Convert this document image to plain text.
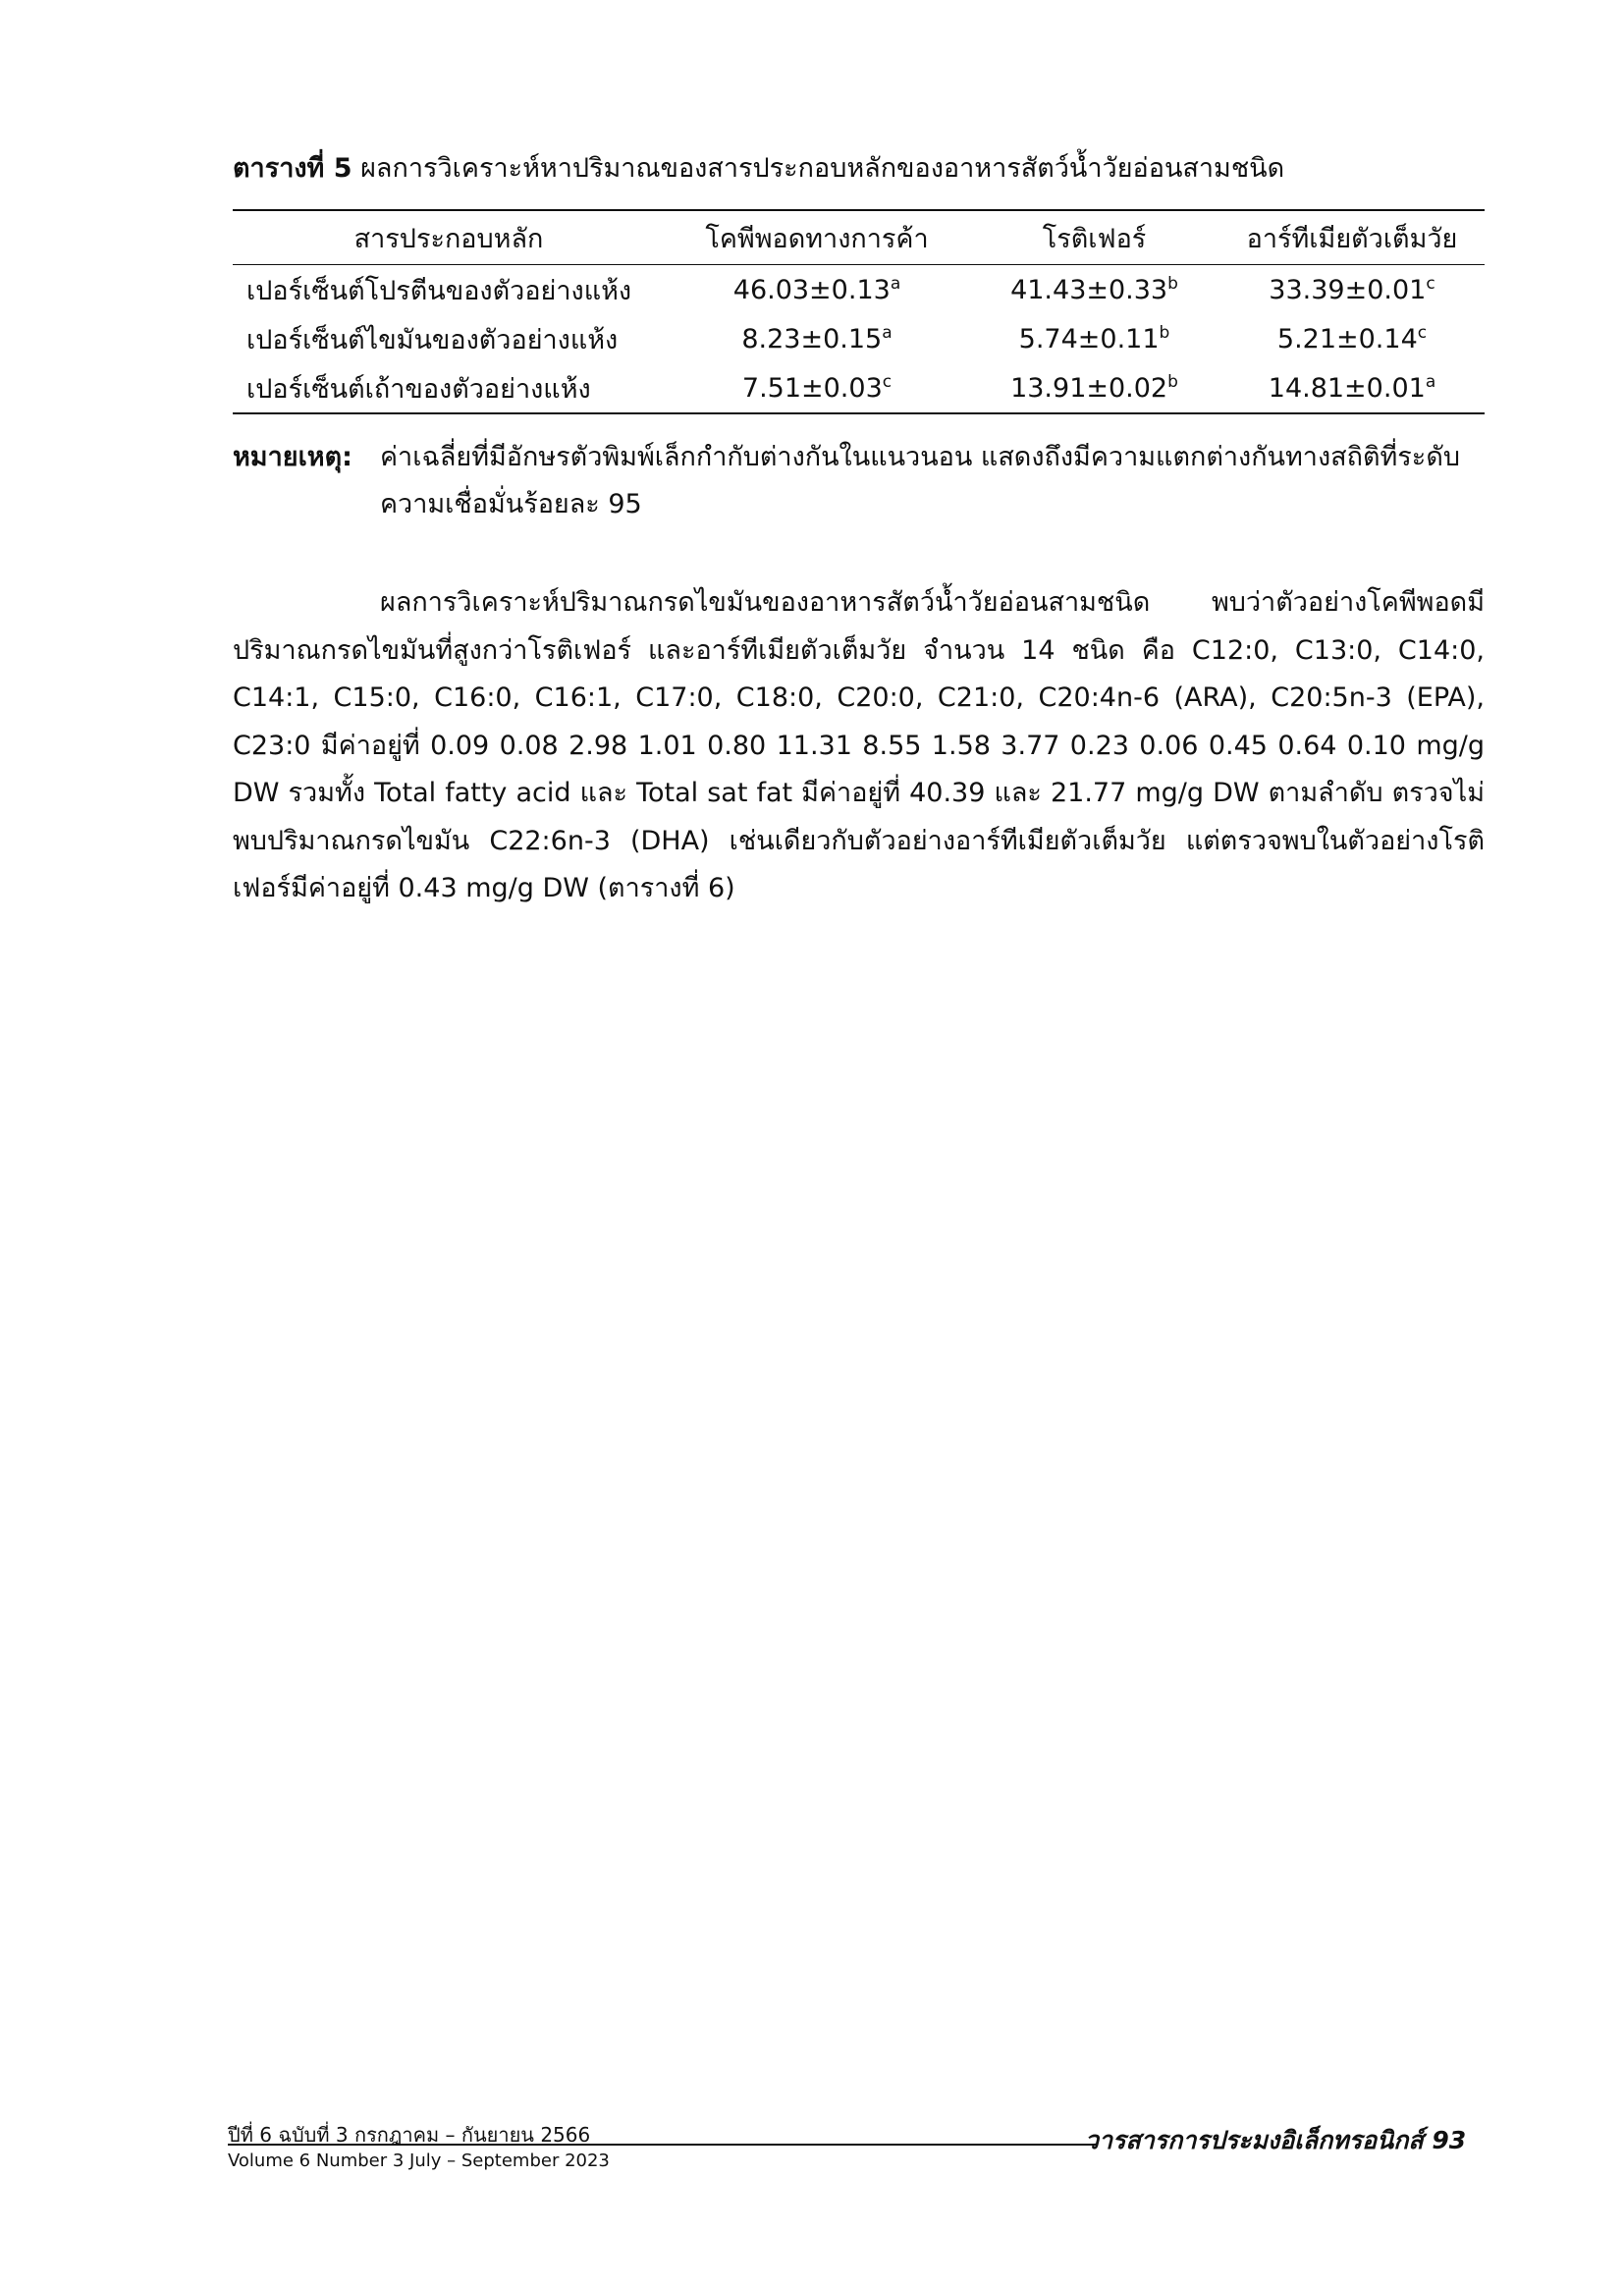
ตารางที่ 5 ผลการวิเคราะห์หาปริมาณของสารประกอบหลักของอาหารสัตว์น้ำวัยอ่อนสามชนิด
สารประกอบหลัก	โคพีพอดทางการค้า	โรติเฟอร์	อาร์ทีเมียตัวเต็มวัย
เปอร์เซ็นต์โปรตีนของตัวอย่างแห้ง	46.03±0.13$^a$	41.43±0.33$^b$	33.39±0.01$^c$
เปอร์เซ็นต์ไขมันของตัวอย่างแห้ง	8.23±0.15$^a$	5.74±0.11$^b$	5.21±0.14$^c$
เปอร์เซ็นต์เถ้าของตัวอย่างแห้ง	7.51±0.03$^c$	13.91±0.02$^b$	14.81±0.01$^a$
หมายเหตุ: ค่าเฉลี่ยที่มีอักษรตัวพิมพ์เล็กกำกับต่างกันในแนวนอน แสดงถึงมีความแตกต่างกันทางสถิติที่ระดับความเชื่อมั่นร้อยละ 95

ผลการวิเคราะห์ปริมาณกรดไขมันของอาหารสัตว์น้ำวัยอ่อนสามชนิด พบว่าตัวอย่างโคพีพอดมีปริมาณกรดไขมันที่สูงกว่าโรติเฟอร์ และอาร์ทีเมียตัวเต็มวัย จำนวน 14 ชนิด คือ C12:0, C13:0, C14:0, C14:1, C15:0, C16:0, C16:1, C17:0, C18:0, C20:0, C21:0, C20:4n-6 (ARA), C20:5n-3 (EPA), C23:0 มีค่าอยู่ที่ 0.09 0.08 2.98 1.01 0.80 11.31 8.55 1.58 3.77 0.23 0.06 0.45 0.64 0.10 mg/g DW รวมทั้ง Total fatty acid และ Total sat fat มีค่าอยู่ที่ 40.39 และ 21.77 mg/g DW ตามลำดับ ตรวจไม่พบปริมาณกรดไขมัน C22:6n-3 (DHA) เช่นเดียวกับตัวอย่างอาร์ทีเมียตัวเต็มวัย แต่ตรวจพบในตัวอย่างโรติเฟอร์มีค่าอยู่ที่ 0.43 mg/g DW (ตารางที่ 6)

ปีที่ 6 ฉบับที่ 3 กรกฎาคม – กันยายน 2566
Volume 6 Number 3 July – September 2023
วารสารการประมงอิเล็กทรอนิกส์ 93
